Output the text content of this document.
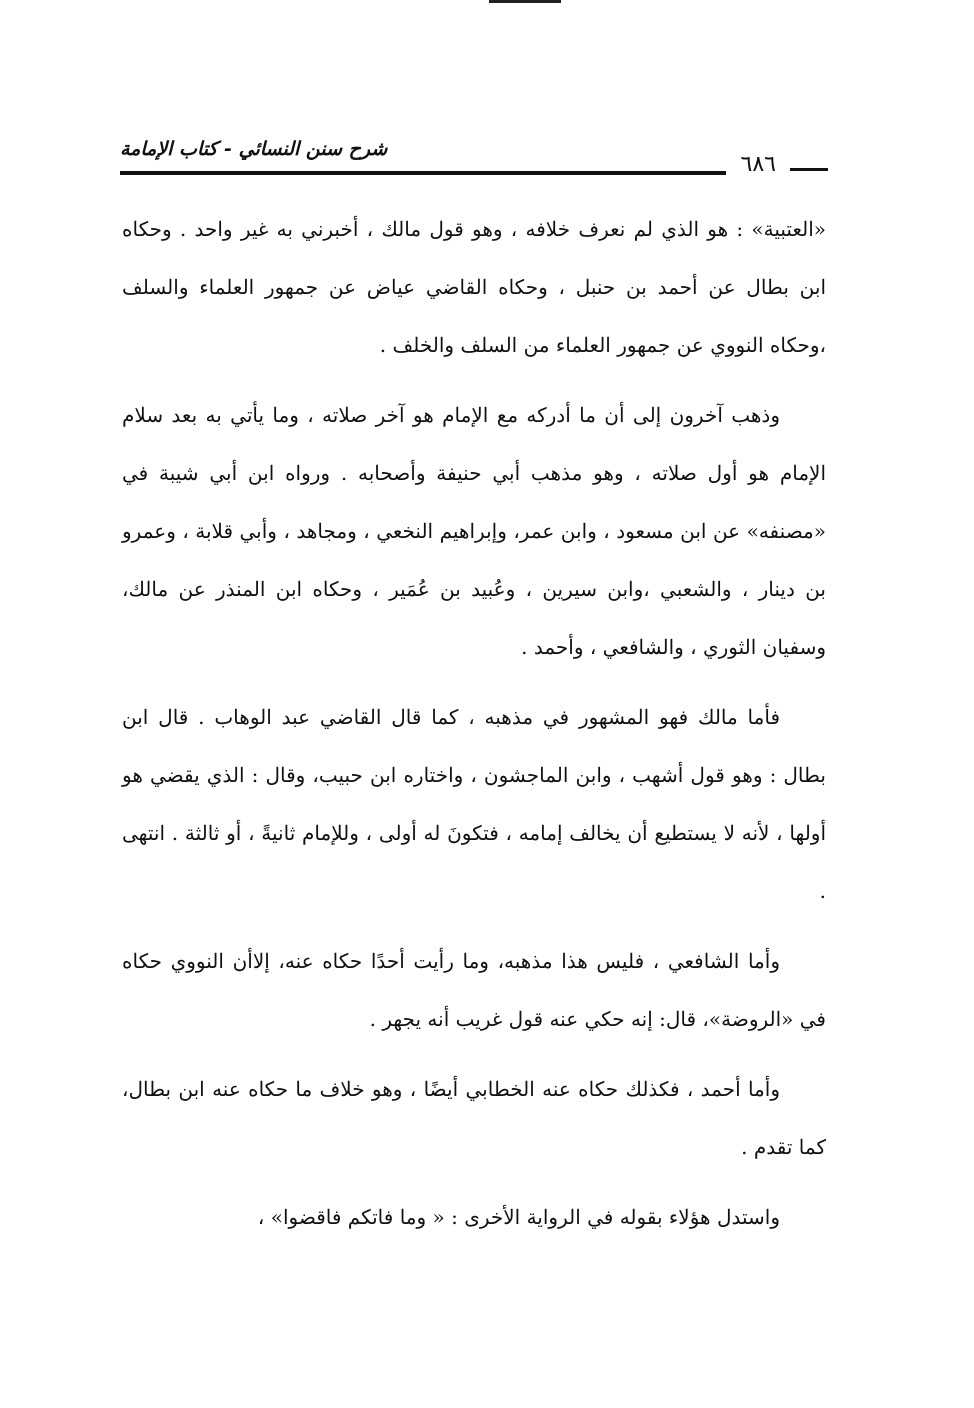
شرح سنن النسائي - كتاب الإمامة
٦٨٦

«العتبية» : هو الذي لم نعرف خلافه ، وهو قول مالك ، أخبرني به غير واحد . وحكاه ابن بطال عن أحمد بن حنبل ، وحكاه القاضي عياض عن جمهور العلماء والسلف ،وحكاه النووي عن جمهور العلماء من السلف والخلف .

وذهب آخرون إلى أن ما أدركه مع الإمام هو آخر صلاته ، وما يأتي به بعد سلام الإمام هو أول صلاته ، وهو مذهب أبي حنيفة وأصحابه . ورواه ابن أبي شيبة في «مصنفه» عن ابن مسعود ، وابن عمر، وإبراهيم النخعي ، ومجاهد ، وأبي قلابة ، وعمرو بن دينار ، والشعبي ،وابن سيرين ، وعُبيد بن عُمَير ، وحكاه ابن المنذر عن مالك، وسفيان الثوري ، والشافعي ، وأحمد .

فأما مالك فهو المشهور في مذهبه ، كما قال القاضي عبد الوهاب . قال ابن بطال : وهو قول أشهب ، وابن الماجشون ، واختاره ابن حبيب، وقال : الذي يقضي هو أولها ، لأنه لا يستطيع أن يخالف إمامه ، فتكونَ له أولى ، وللإمام ثانيةً ، أو ثالثة . انتهى .

وأما الشافعي ، فليس هذا مذهبه، وما رأيت أحدًا حكاه عنه، إلاأن النووي حكاه في «الروضة»، قال: إنه حكي عنه قول غريب أنه يجهر .

وأما أحمد ، فكذلك حكاه عنه الخطابي أيضًا ، وهو خلاف ما حكاه عنه ابن بطال، كما تقدم .

واستدل هؤلاء بقوله في الرواية الأخرى : « وما فاتكم فاقضوا» ،
